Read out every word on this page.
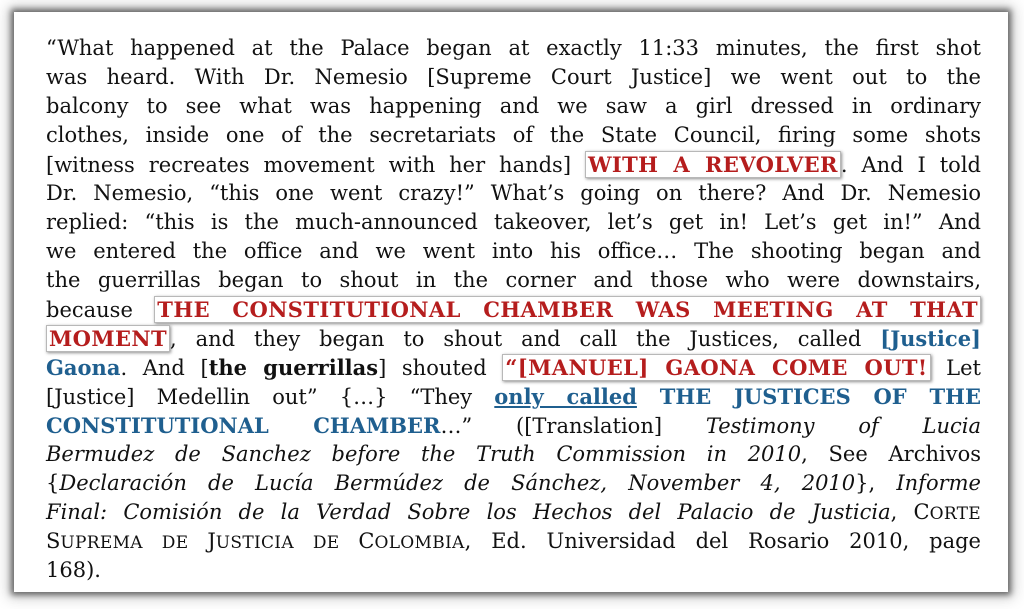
“What happened at the Palace began at exactly 11:33 minutes, the first shot
was heard. With Dr. Nemesio [Supreme Court Justice] we went out to the
balcony to see what was happening and we saw a girl dressed in ordinary
clothes, inside one of the secretariats of the State Council, firing some shots
[witness recreates movement with her hands] WITH A REVOLVER . And I told
Dr. Nemesio, “this one went crazy!” What’s going on there? And Dr. Nemesio
replied: “this is the much-announced takeover, let’s get in! Let’s get in!” And
we entered the office and we went into his office… The shooting began and
the guerrillas began to shout in the corner and those who were downstairs,
because THE CONSTITUTIONAL CHAMBER WAS MEETING AT THAT
MOMENT , and they began to shout and call the Justices, called [Justice]
Gaona. And [the guerrillas] shouted “[MANUEL] GAONA COME OUT! Let
[Justice] Medellin out” {…} “They only called THE JUSTICES OF THE
CONSTITUTIONAL CHAMBER…” ([Translation] Testimony of Lucia
Bermudez de Sanchez before the Truth Commission in 2010, See Archivos
{Declaración de Lucía Bermúdez de Sánchez, November 4, 2010}, Informe
Final: Comisión de la Verdad Sobre los Hechos del Palacio de Justicia, CORTE
SUPREMA DE JUSTICIA DE COLOMBIA, Ed. Universidad del Rosario 2010, page
168).
